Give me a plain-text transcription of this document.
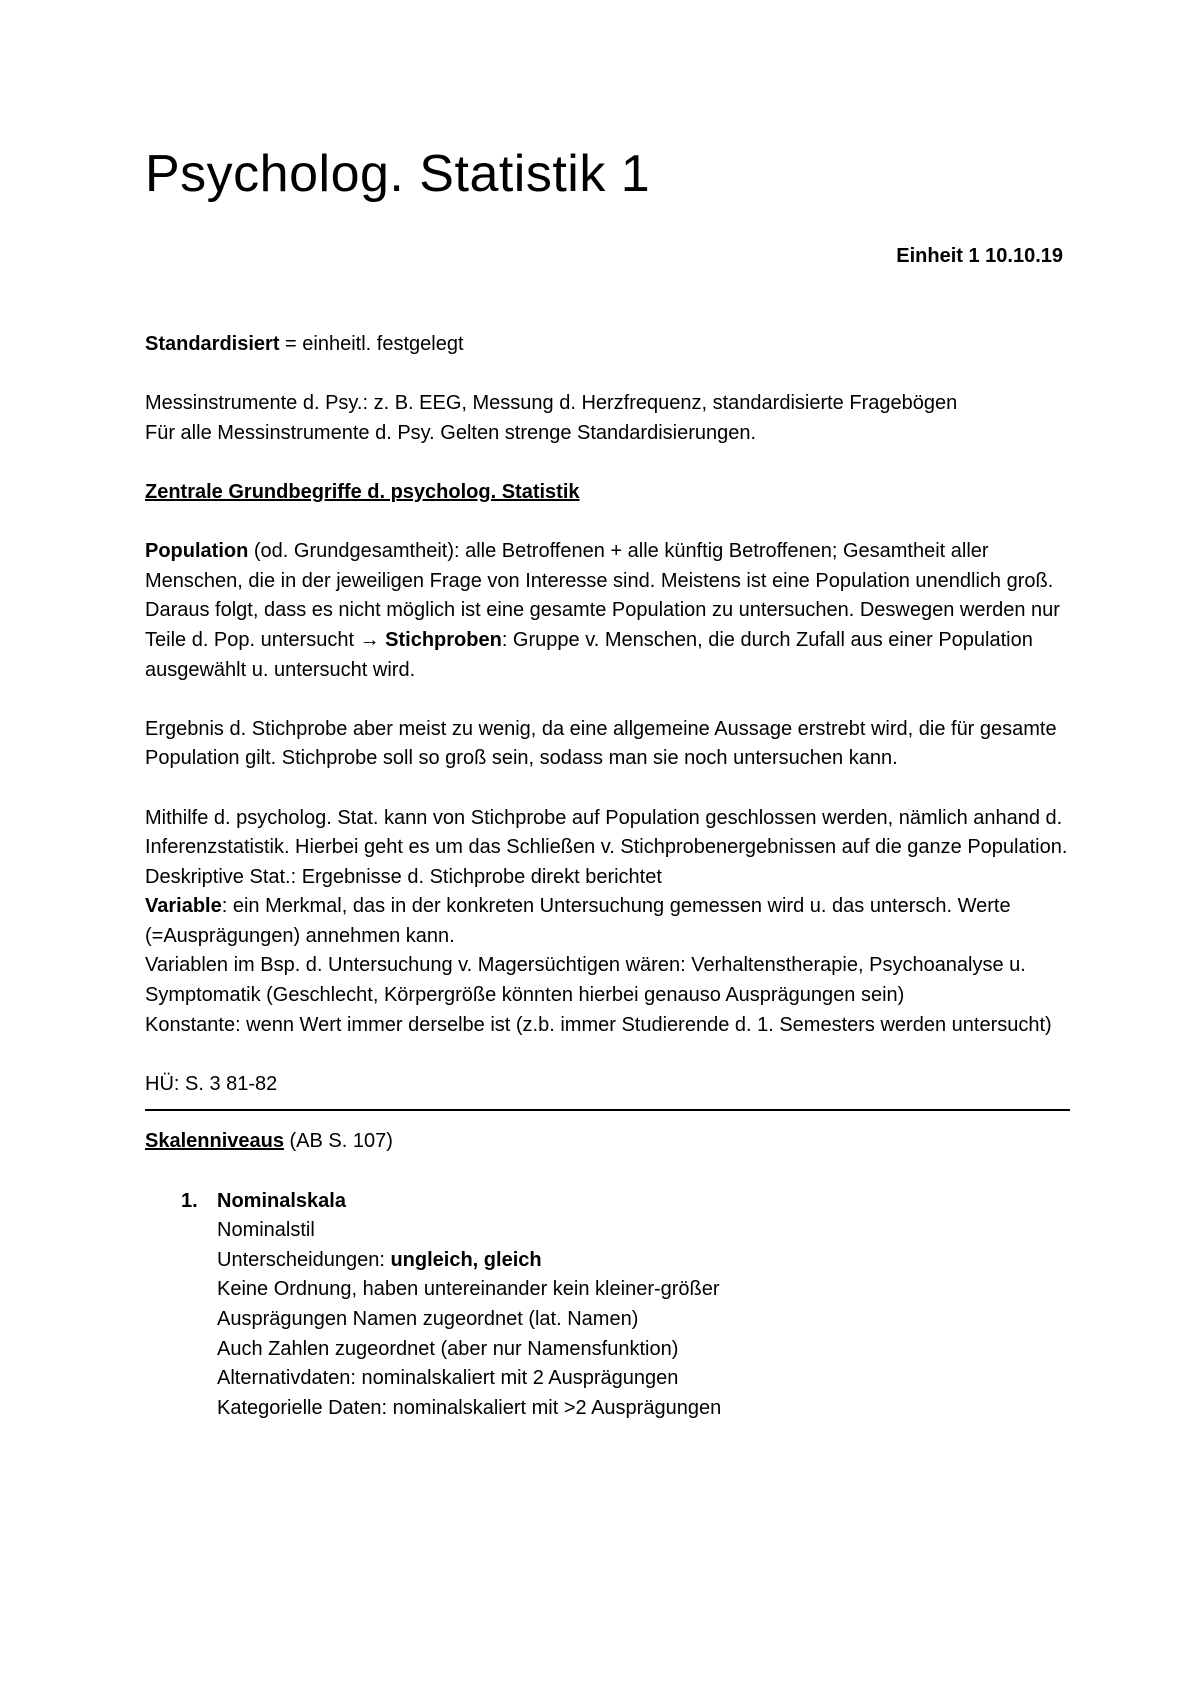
Psycholog. Statistik 1
Einheit 1 10.10.19

Standardisiert = einheitl. festgelegt

Messinstrumente d. Psy.: z. B. EEG, Messung d. Herzfrequenz, standardisierte Fragebögen

Für alle Messinstrumente d. Psy. Gelten strenge Standardisierungen.

Zentrale Grundbegriffe d. psycholog. Statistik

Population (od. Grundgesamtheit): alle Betroffenen + alle künftig Betroffenen; Gesamtheit aller Menschen, die in der jeweiligen Frage von Interesse sind. Meistens ist eine Population unendlich groß. Daraus folgt, dass es nicht möglich ist eine gesamte Population zu untersuchen. Deswegen werden nur Teile d. Pop. untersucht → Stichproben: Gruppe v. Menschen, die durch Zufall aus einer Population ausgewählt u. untersucht wird.

Ergebnis d. Stichprobe aber meist zu wenig, da eine allgemeine Aussage erstrebt wird, die für gesamte Population gilt. Stichprobe soll so groß sein, sodass man sie noch untersuchen kann.

Mithilfe d. psycholog. Stat. kann von Stichprobe auf Population geschlossen werden, nämlich anhand d. Inferenzstatistik. Hierbei geht es um das Schließen v. Stichprobenergebnissen auf die ganze Population.

Deskriptive Stat.: Ergebnisse d. Stichprobe direkt berichtet

Variable: ein Merkmal, das in der konkreten Untersuchung gemessen wird u. das untersch. Werte (=Ausprägungen) annehmen kann.

Variablen im Bsp. d. Untersuchung v. Magersüchtigen wären: Verhaltenstherapie, Psychoanalyse u. Symptomatik (Geschlecht, Körpergröße könnten hierbei genauso Ausprägungen sein)

Konstante: wenn Wert immer derselbe ist (z.b. immer Studierende d. 1. Semesters werden untersucht)

HÜ: S. 3 81-82

Skalenniveaus (AB S. 107)

1. Nominalskala

Nominalstil

Unterscheidungen: ungleich, gleich

Keine Ordnung, haben untereinander kein kleiner-größer

Ausprägungen Namen zugeordnet (lat. Namen)

Auch Zahlen zugeordnet (aber nur Namensfunktion)

Alternativdaten: nominalskaliert mit 2 Ausprägungen

Kategorielle Daten: nominalskaliert mit >2 Ausprägungen
